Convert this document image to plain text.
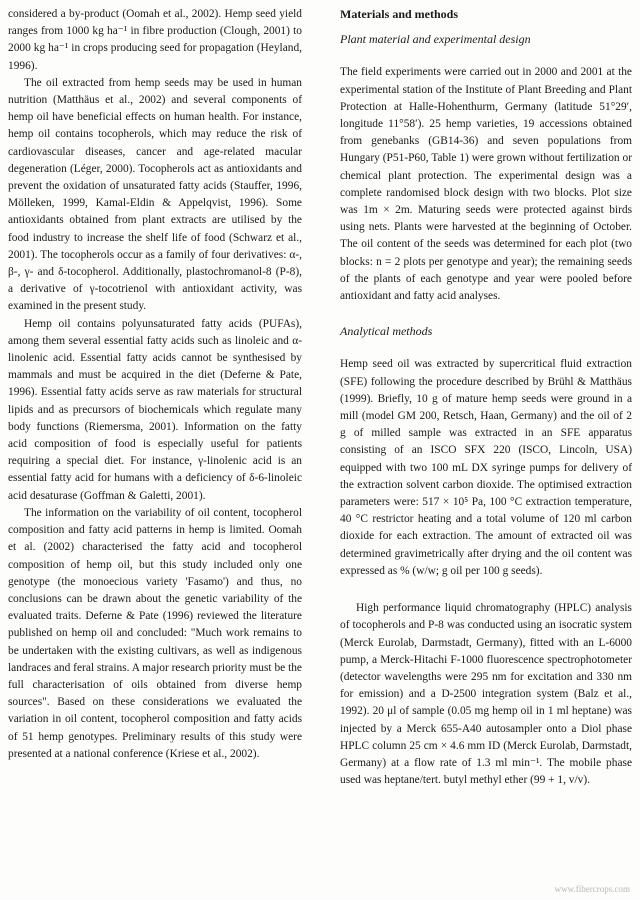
considered a by-product (Oomah et al., 2002). Hemp seed yield ranges from 1000 kg ha⁻¹ in fibre production (Clough, 2001) to 2000 kg ha⁻¹ in crops producing seed for propagation (Heyland, 1996).

The oil extracted from hemp seeds may be used in human nutrition (Matthäus et al., 2002) and several components of hemp oil have beneficial effects on human health. For instance, hemp oil contains tocopherols, which may reduce the risk of cardiovascular diseases, cancer and age-related macular degeneration (Léger, 2000). Tocopherols act as antioxidants and prevent the oxidation of unsaturated fatty acids (Stauffer, 1996, Mölleken, 1999, Kamal-Eldin & Appelqvist, 1996). Some antioxidants obtained from plant extracts are utilised by the food industry to increase the shelf life of food (Schwarz et al., 2001). The tocopherols occur as a family of four derivatives: α-, β-, γ- and δ-tocopherol. Additionally, plastochromanol-8 (P-8), a derivative of γ-tocotrienol with antioxidant activity, was examined in the present study.

Hemp oil contains polyunsaturated fatty acids (PUFAs), among them several essential fatty acids such as linoleic and α-linolenic acid. Essential fatty acids cannot be synthesised by mammals and must be acquired in the diet (Deferne & Pate, 1996). Essential fatty acids serve as raw materials for structural lipids and as precursors of biochemicals which regulate many body functions (Riemersma, 2001). Information on the fatty acid composition of food is especially useful for patients requiring a special diet. For instance, γ-linolenic acid is an essential fatty acid for humans with a deficiency of δ-6-linoleic acid desaturase (Goffman & Galetti, 2001).

The information on the variability of oil content, tocopherol composition and fatty acid patterns in hemp is limited. Oomah et al. (2002) characterised the fatty acid and tocopherol composition of hemp oil, but this study included only one genotype (the monoecious variety 'Fasamo') and thus, no conclusions can be drawn about the genetic variability of the evaluated traits. Deferne & Pate (1996) reviewed the literature published on hemp oil and concluded: "Much work remains to be undertaken with the existing cultivars, as well as indigenous landraces and feral strains. A major research priority must be the full characterisation of oils obtained from diverse hemp sources". Based on these considerations we evaluated the variation in oil content, tocopherol composition and fatty acids of 51 hemp genotypes. Preliminary results of this study were presented at a national conference (Kriese et al., 2002).

Materials and methods
Plant material and experimental design

The field experiments were carried out in 2000 and 2001 at the experimental station of the Institute of Plant Breeding and Plant Protection at Halle-Hohenthurm, Germany (latitude 51°29′, longitude 11°58′). 25 hemp varieties, 19 accessions obtained from genebanks (GB14-36) and seven populations from Hungary (P51-P60, Table 1) were grown without fertilization or chemical plant protection. The experimental design was a complete randomised block design with two blocks. Plot size was 1m × 2m. Maturing seeds were protected against birds using nets. Plants were harvested at the beginning of October. The oil content of the seeds was determined for each plot (two blocks: n = 2 plots per genotype and year); the remaining seeds of the plants of each genotype and year were pooled before antioxidant and fatty acid analyses.

Analytical methods

Hemp seed oil was extracted by supercritical fluid extraction (SFE) following the procedure described by Brühl & Matthäus (1999). Briefly, 10 g of mature hemp seeds were ground in a mill (model GM 200, Retsch, Haan, Germany) and the oil of 2 g of milled sample was extracted in an SFE apparatus consisting of an ISCO SFX 220 (ISCO, Lincoln, USA) equipped with two 100 mL DX syringe pumps for delivery of the extraction solvent carbon dioxide. The optimised extraction parameters were: 517 × 10⁵ Pa, 100 °C extraction temperature, 40 °C restrictor heating and a total volume of 120 ml carbon dioxide for each extraction. The amount of extracted oil was determined gravimetrically after drying and the oil content was expressed as % (w/w; g oil per 100 g seeds).

High performance liquid chromatography (HPLC) analysis of tocopherols and P-8 was conducted using an isocratic system (Merck Eurolab, Darmstadt, Germany), fitted with an L-6000 pump, a Merck-Hitachi F-1000 fluorescence spectrophotometer (detector wavelengths were 295 nm for excitation and 330 nm for emission) and a D-2500 integration system (Balz et al., 1992). 20 μl of sample (0.05 mg hemp oil in 1 ml heptane) was injected by a Merck 655-A40 autosampler onto a Diol phase HPLC column 25 cm × 4.6 mm ID (Merck Eurolab, Darmstadt, Germany) at a flow rate of 1.3 ml min⁻¹. The mobile phase used was heptane/tert. butyl methyl ether (99 + 1, v/v).

www.fibercrops.com
